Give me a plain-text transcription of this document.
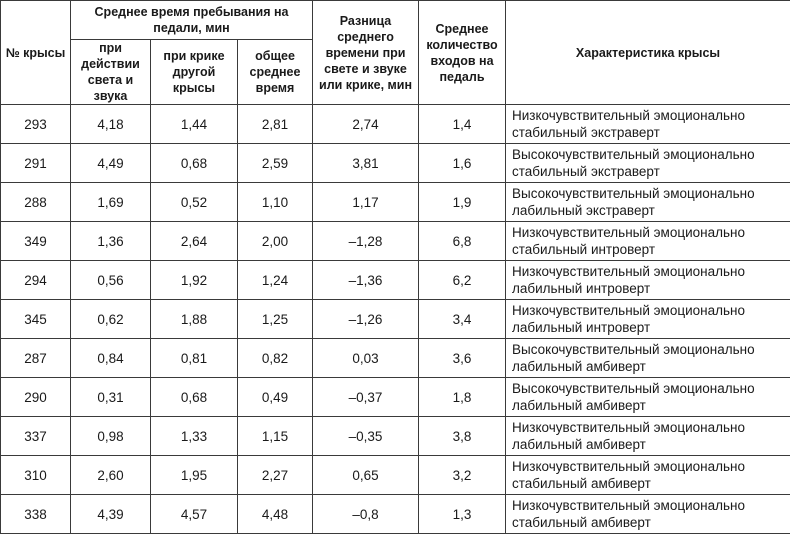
№ крысы	Среднее время пребывания на педали, мин			Разница среднего времени при свете и звуке или крике, мин	Среднее количество входов на педаль	Характеристика крысы
	при действии света и звука	при крике другой крысы	общее среднее время			
293	4,18	1,44	2,81	2,74	1,4	Низкочувствительный эмоционально
стабильный экстраверт

291	4,49	0,68	2,59	3,81	1,6	Высокочувствительный эмоционально
стабильный экстраверт

288	1,69	0,52	1,10	1,17	1,9	Высокочувствительный эмоционально
лабильный экстраверт

349	1,36	2,64	2,00	–1,28	6,8	Низкочувствительный эмоционально
стабильный интроверт

294	0,56	1,92	1,24	–1,36	6,2	Низкочувствительный эмоционально
лабильный интроверт

345	0,62	1,88	1,25	–1,26	3,4	Низкочувствительный эмоционально
лабильный интроверт

287	0,84	0,81	0,82	0,03	3,6	Высокочувствительный эмоционально
лабильный амбиверт

290	0,31	0,68	0,49	–0,37	1,8	Высокочувствительный эмоционально
лабильный амбиверт

337	0,98	1,33	1,15	–0,35	3,8	Низкочувствительный эмоционально
лабильный амбиверт

310	2,60	1,95	2,27	0,65	3,2	Низкочувствительный эмоционально
стабильный амбиверт

338	4,39	4,57	4,48	–0,8	1,3	Низкочувствительный эмоционально
стабильный амбиверт
